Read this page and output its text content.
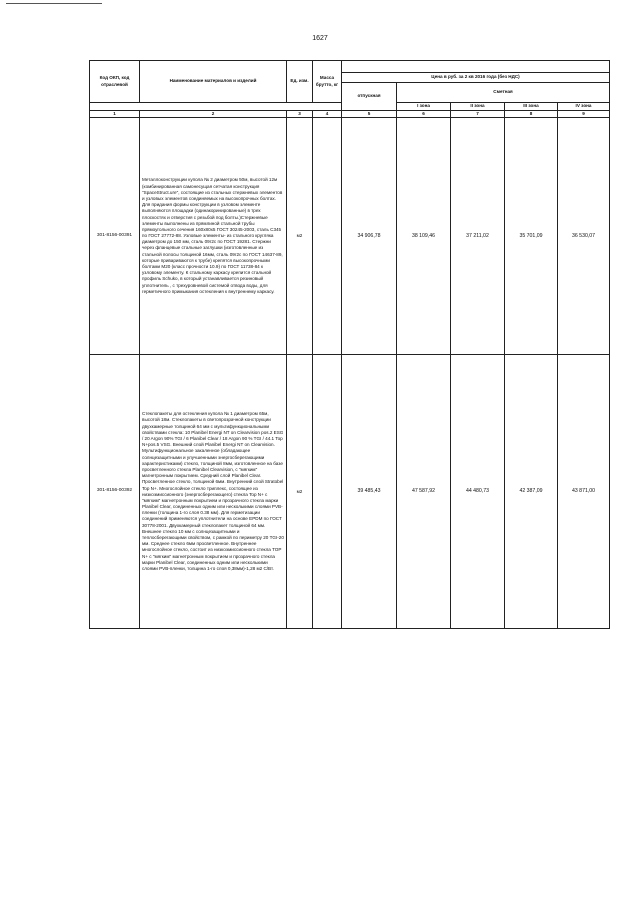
1627
Код ОКП, код отраслевой	Наименование материалов и изделий	Ед. изм.	Масса брутто, кг					
				Цена в руб. за 2 кв 2016 года (без НДС)				
				отпускная	Сметная			
					I зона	II зона	III зона	IV зона
1	2	3	4	5	6	7	8	9
301-8156-00391	Металлоконструкции купола № 2 диаметром 50м, высотой 12м (комбинированная самонесущая сетчатая конструкция "SpaceStruct.ure", состоящие из стальных стержневых элементов и узловых элементов соединяемых на высокопрочных болтах. Для придания формы конструкции в узловом элементе выполняются площадки (одинакоринированные) в трех плоскостях и отверстия с резьбой под болты.)Стержневые элементы выполнены из прямлиной стальной трубы прямоугольного сечения 160х80х5 ГОСТ 30245-2003, сталь С345 по ГОСТ 27772-88. Узловые элементы- из стального кругляка диаметром до 150 мм, сталь 09г2с по ГОСТ 19281. Стержни через фланцевые стальные заглушки (изготовленные из стальной полосы толщиной 16мм, сталь 09г2с по ГОСТ 14637-89, которые привариваются к трубе) крепятся высокопрочными болтами М20 (класс прочности 10.9) по ГОСТ 11738-84 к узловому элементу. К стальному каркасу крепится стальной профиль Schuko, в который устанавливается резиновый уплотнитель , с трехуровневой системой отвода воды, для герметичного примыкания остекления к внутреннему каркасу.	м2		34 906,78	38 109,46	37 211,02	35 701,09	36 530,07
301-8156-00392	Стеклопакеты для остекления купола № 1 диаметром 65м, высотой 18м. Стеклопакеты в светопрозрачной конструкции двухкамерные толщиной 64 мм с мультифункциональными свойствами стекла: 10 Planibel Energi NT on Clearvision pos.2 ESG / 20 Argon 90% TGI / 6 Planibel Clear / 18 Argon 90 % TGI / 44.1 Top N+pos.5 VSG. Внешний слой Planibel Energi NT on Clearvision. Мультифункциональное закаленное (обладающее солнцезащитными и улучшенными энергосберегающими характеристиками) стекло, толщиной 8мм, изготовленное на базе просветленного стекла Planibel Clearvision, с "мягким" магнетронным покрытием. Средний слой Planibel Clear. Просветленное стекло, толщиной 6мм. Внутренний слой Stratobel Top N+. Многослойное стекло триплекс, состоящее из низкоэмиссионного (энергосберегающего) стекла Top N+ с "мягким" магнетронным покрытием и прозрачного стекла марки Planibel Clear, соединенных одним или несколькими слоями PVB-пленки (толщина 1-го слоя 0.38 мм). Для герметизации соединений применяются уплотнители на основе EPDM по ГОСТ 30778-2001. Двухкамерный стеклопакет толщиной 64 мм. Внешнее стекло 10 мм с солнцезащитными и теплосберегающими свойством, с рамкой по периметру 20 TGI-20 мм. Среднее стекло 6мм просветленное. Внутреннее многослойное стекло, состоит из низкоэмиссионного стекла TOP N+ с "мягким" магнетронным покрытием и прозрачного стекла марки Planibel Clear, соединенных одним или несколькими слоями PVB-пленки, толщина 1-го слоя 0,38мм)-1,28 м2 С/Вт.	м2		39 485,43	47 587,92	44 480,73	42 387,09	43 871,00
